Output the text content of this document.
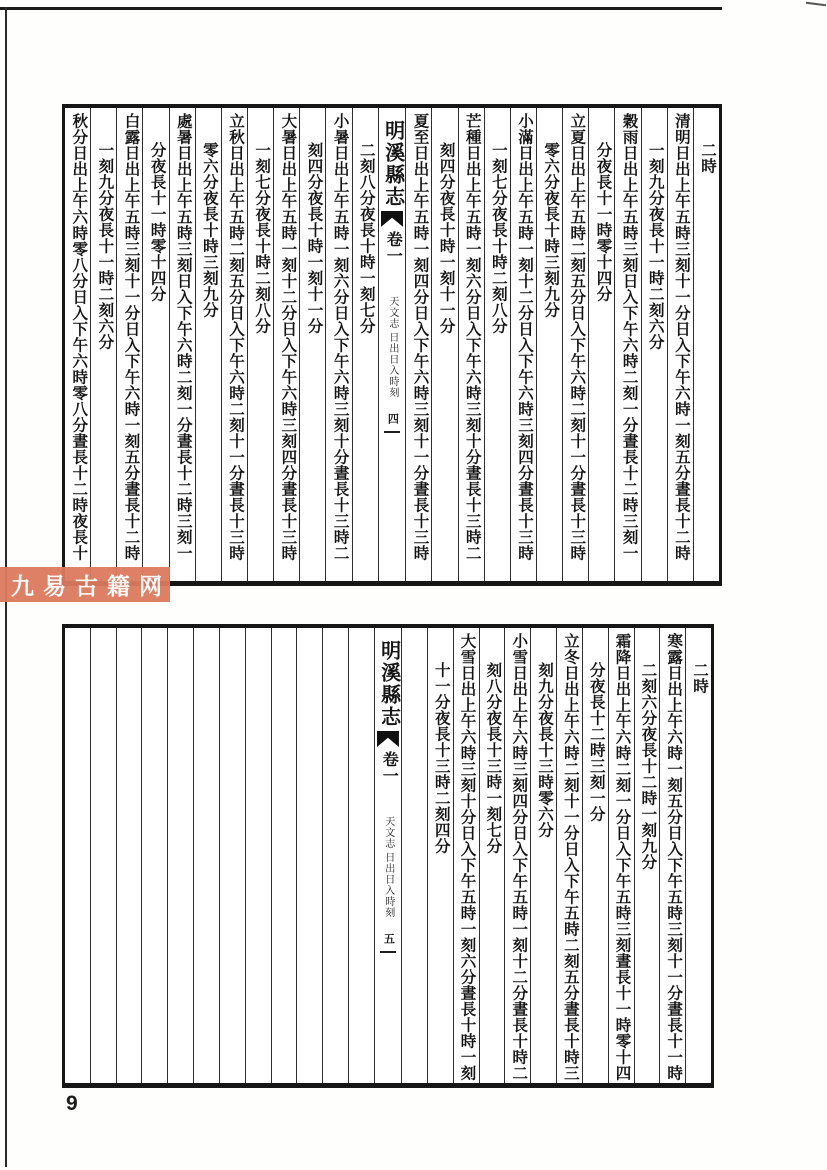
二時
清明日出上午五時三刻十一分日入下午六時一刻五分晝長十二時
一刻九分夜長十一時二刻六分
穀雨日出上午五時三刻日入下午六時二刻一分晝長十二時三刻一
分夜長十一時零十四分
立夏日出上午五時二刻五分日入下午六時二刻十一分晝長十三時
零六分夜長十時三刻九分
小滿日出上午五時一刻十二分日入下午六時三刻四分晝長十三時
一刻七分夜長十時二刻八分
芒種日出上午五時一刻六分日入下午六時三刻十分晝長十三時二
刻四分夜長十時一刻十一分
夏至日出上午五時一刻四分日入下午六時三刻十一分晝長十三時
明溪縣志
卷一
天文志
日出日入時刻
四
二刻八分夜長十時一刻七分
小暑日出上午五時一刻六分日入下午六時三刻十分晝長十三時二
刻四分夜長十時一刻十一分
大暑日出上午五時一刻十二分日入下午六時三刻四分晝長十三時
一刻七分夜長十時二刻八分
立秋日出上午五時二刻五分日入下午六時二刻十一分晝長十三時
零六分夜長十時三刻九分
處暑日出上午五時三刻日入下午六時二刻一分晝長十二時三刻一
分夜長十一時零十四分
白露日出上午五時三刻十一分日入下午六時一刻五分晝長十二時
一刻九分夜長十一時二刻六分
秋分日出上午六時零八分日入下午六時零八分晝長十二時夜長十
二時
寒露日出上午六時一刻五分日入下午五時三刻十一分晝長十一時
二刻六分夜長十二時一刻九分
霜降日出上午六時二刻一分日入下午五時三刻晝長十一時零十四
分夜長十二時三刻一分
立冬日出上午六時二刻十一分日入下午五時二刻五分晝長十時三
刻九分夜長十三時零六分
小雪日出上午六時三刻四分日入下午五時一刻十二分晝長十時二
刻八分夜長十三時一刻七分
大雪日出上午六時三刻十分日入下午五時一刻六分晝長十時一刻
十一分夜長十三時二刻四分
明溪縣志
卷一
天文志
日出日入時刻
五
九易古籍网
9
